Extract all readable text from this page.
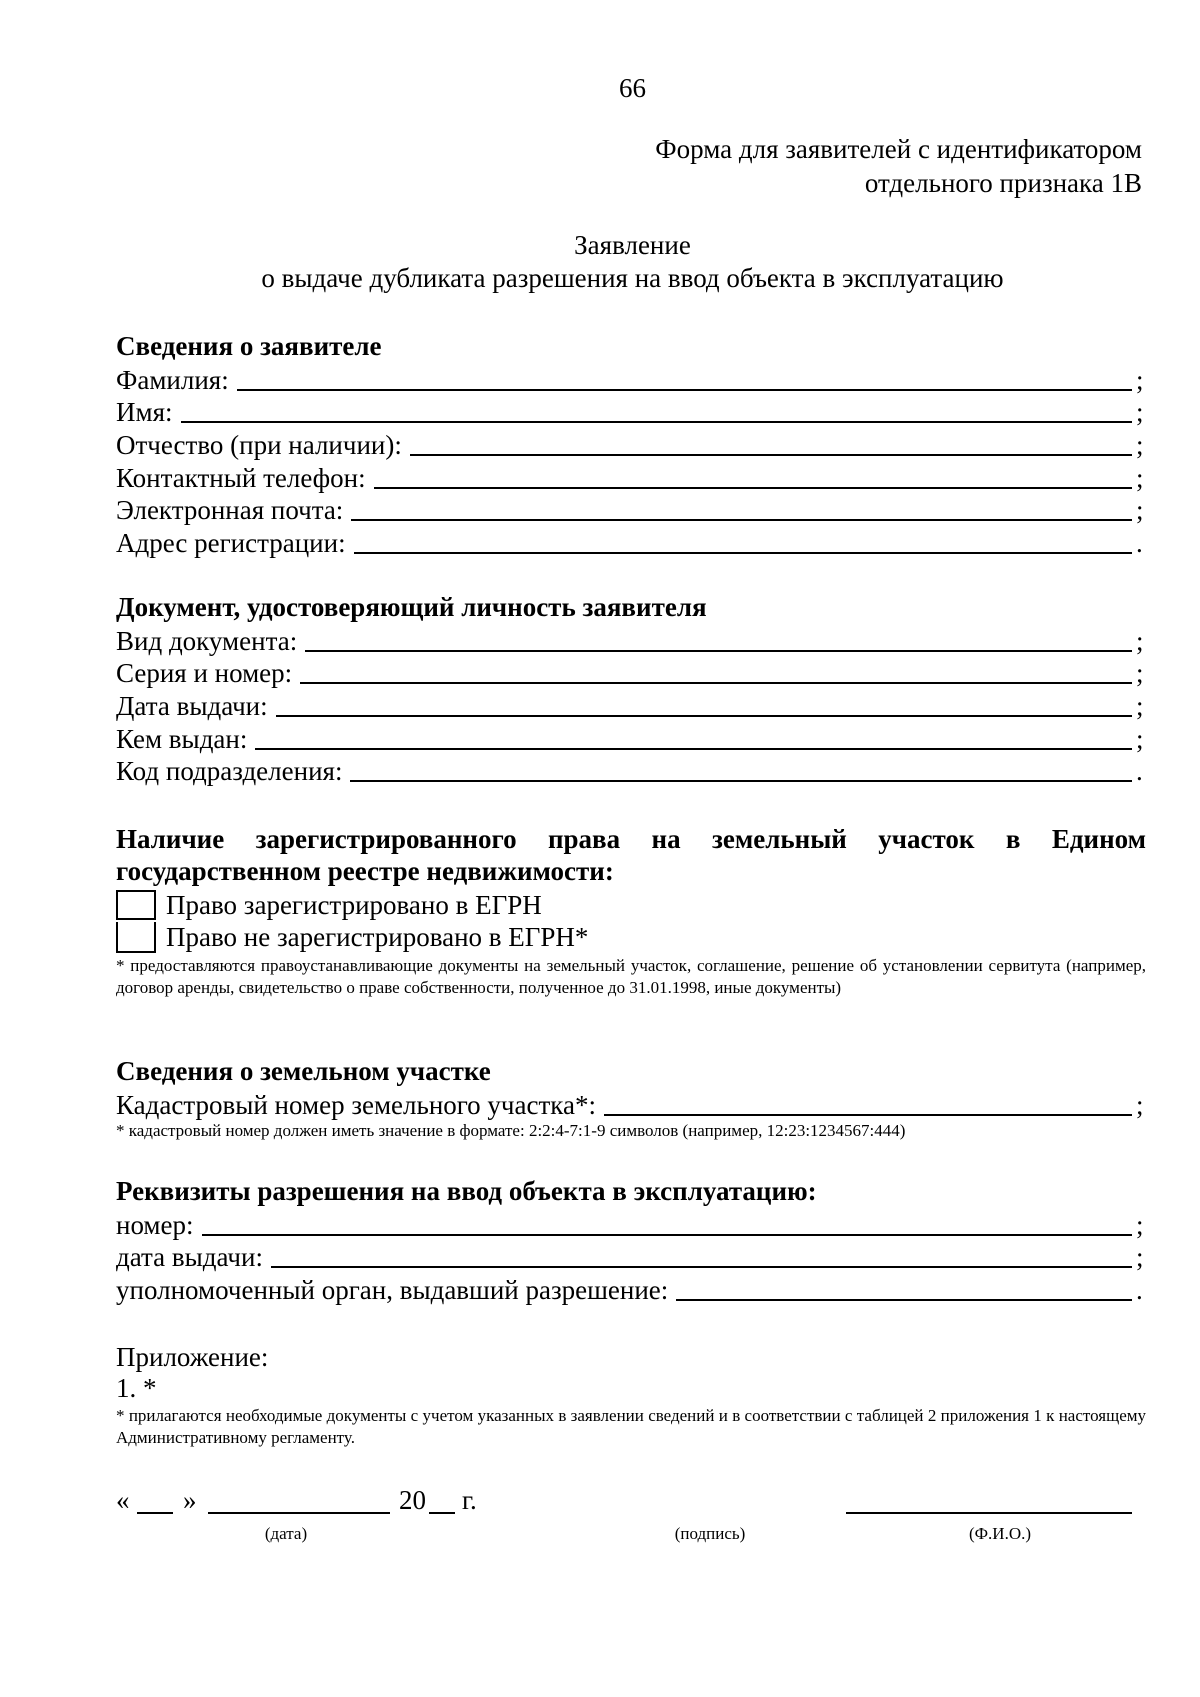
66
Форма для заявителей с идентификатором
отдельного признака 1В
Заявление
о выдаче дубликата разрешения на ввод объекта в эксплуатацию
Сведения о заявителе
Фамилия:	;
Имя:	;
Отчество (при наличии):	;
Контактный телефон:	;
Электронная почта:	;
Адрес регистрации:	.
Документ, удостоверяющий личность заявителя
Вид документа:	;
Серия и номер:	;
Дата выдачи:	;
Кем выдан:	;
Код подразделения:	.
Наличие зарегистрированного права на земельный участок в Едином государственном реестре недвижимости:
Право зарегистрировано в ЕГРН
Право не зарегистрировано в ЕГРН*
* предоставляются правоустанавливающие документы на земельный участок, соглашение, решение об установлении сервитута (например, договор аренды, свидетельство о праве собственности, полученное до 31.01.1998, иные документы)
Сведения о земельном участке
Кадастровый номер земельного участка*:	;
* кадастровый номер должен иметь значение в формате: 2:2:4-7:1-9 символов (например, 12:23:1234567:444)
Реквизиты разрешения на ввод объекта в эксплуатацию:
номер:	;
дата выдачи:	;
уполномоченный орган, выдавший разрешение:	.
Приложение:
1. *
* прилагаются необходимые документы с учетом указанных в заявлении сведений и в соответствии с таблицей 2 приложения 1 к настоящему Административному регламенту.
« »	20 г.
(дата)	(подпись)	(Ф.И.О.)
